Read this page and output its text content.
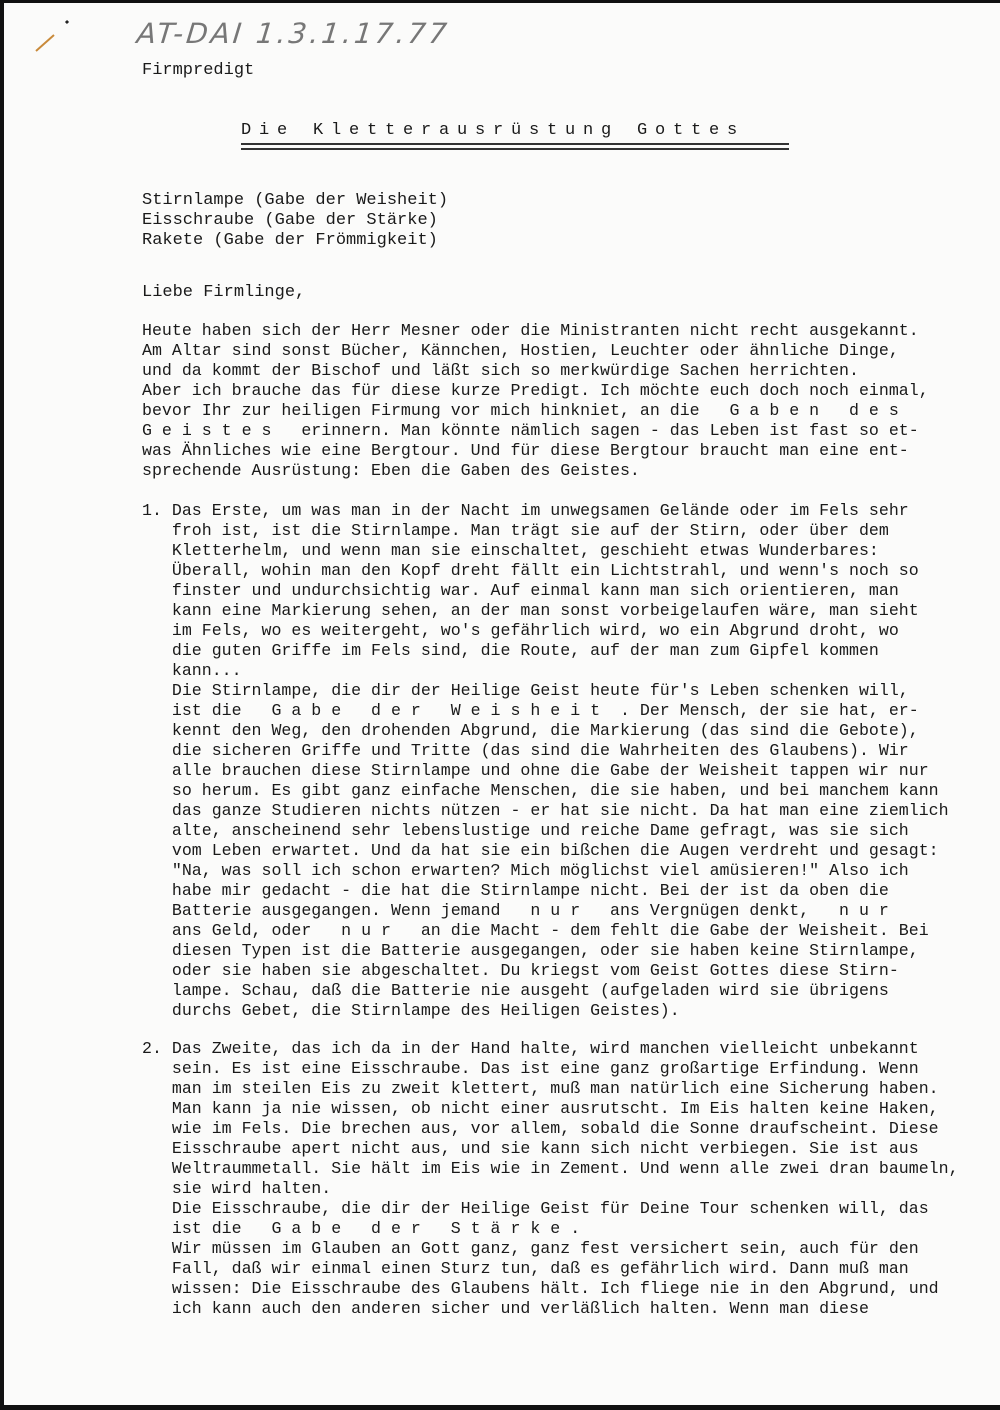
AT-DAI 1.3.1.17.77
Firmpredigt
Die Kletterausrüstung Gottes
Stirnlampe (Gabe der Weisheit)
Eisschraube (Gabe der Stärke)
Rakete (Gabe der Frömmigkeit)
Liebe Firmlinge,
Heute haben sich der Herr Mesner oder die Ministranten nicht recht ausgekannt.
Am Altar sind sonst Bücher, Kännchen, Hostien, Leuchter oder ähnliche Dinge,
und da kommt der Bischof und läßt sich so merkwürdige Sachen herrichten.
Aber ich brauche das für diese kurze Predigt. Ich möchte euch doch noch einmal,
bevor Ihr zur heiligen Firmung vor mich hinkniet, an die   G a b e n   d e s
G e i s t e s   erinnern. Man könnte nämlich sagen - das Leben ist fast so et-
was Ähnliches wie eine Bergtour. Und für diese Bergtour braucht man eine ent-
sprechende Ausrüstung: Eben die Gaben des Geistes.
1. Das Erste, um was man in der Nacht im unwegsamen Gelände oder im Fels sehr
froh ist, ist die Stirnlampe. Man trägt sie auf der Stirn, oder über dem
Kletterhelm, und wenn man sie einschaltet, geschieht etwas Wunderbares:
Überall, wohin man den Kopf dreht fällt ein Lichtstrahl, und wenn's noch so
finster und undurchsichtig war. Auf einmal kann man sich orientieren, man
kann eine Markierung sehen, an der man sonst vorbeigelaufen wäre, man sieht
im Fels, wo es weitergeht, wo's gefährlich wird, wo ein Abgrund droht, wo
die guten Griffe im Fels sind, die Route, auf der man zum Gipfel kommen
kann...
Die Stirnlampe, die dir der Heilige Geist heute für's Leben schenken will,
ist die   G a b e   d e r   W e i s h e i t  . Der Mensch, der sie hat, er-
kennt den Weg, den drohenden Abgrund, die Markierung (das sind die Gebote),
die sicheren Griffe und Tritte (das sind die Wahrheiten des Glaubens). Wir
alle brauchen diese Stirnlampe und ohne die Gabe der Weisheit tappen wir nur
so herum. Es gibt ganz einfache Menschen, die sie haben, und bei manchem kann
das ganze Studieren nichts nützen - er hat sie nicht. Da hat man eine ziemlich
alte, anscheinend sehr lebenslustige und reiche Dame gefragt, was sie sich
vom Leben erwartet. Und da hat sie ein bißchen die Augen verdreht und gesagt:
"Na, was soll ich schon erwarten? Mich möglichst viel amüsieren!" Also ich
habe mir gedacht - die hat die Stirnlampe nicht. Bei der ist da oben die
Batterie ausgegangen. Wenn jemand   n u r   ans Vergnügen denkt,   n u r
ans Geld, oder   n u r   an die Macht - dem fehlt die Gabe der Weisheit. Bei
diesen Typen ist die Batterie ausgegangen, oder sie haben keine Stirnlampe,
oder sie haben sie abgeschaltet. Du kriegst vom Geist Gottes diese Stirn-
lampe. Schau, daß die Batterie nie ausgeht (aufgeladen wird sie übrigens
durchs Gebet, die Stirnlampe des Heiligen Geistes).
2. Das Zweite, das ich da in der Hand halte, wird manchen vielleicht unbekannt
sein. Es ist eine Eisschraube. Das ist eine ganz großartige Erfindung. Wenn
man im steilen Eis zu zweit klettert, muß man natürlich eine Sicherung haben.
Man kann ja nie wissen, ob nicht einer ausrutscht. Im Eis halten keine Haken,
wie im Fels. Die brechen aus, vor allem, sobald die Sonne draufscheint. Diese
Eisschraube apert nicht aus, und sie kann sich nicht verbiegen. Sie ist aus
Weltraummetall. Sie hält im Eis wie in Zement. Und wenn alle zwei dran baumeln,
sie wird halten.
Die Eisschraube, die dir der Heilige Geist für Deine Tour schenken will, das
ist die   G a b e   d e r   S t ä r k e .
Wir müssen im Glauben an Gott ganz, ganz fest versichert sein, auch für den
Fall, daß wir einmal einen Sturz tun, daß es gefährlich wird. Dann muß man
wissen: Die Eisschraube des Glaubens hält. Ich fliege nie in den Abgrund, und
ich kann auch den anderen sicher und verläßlich halten. Wenn man diese
